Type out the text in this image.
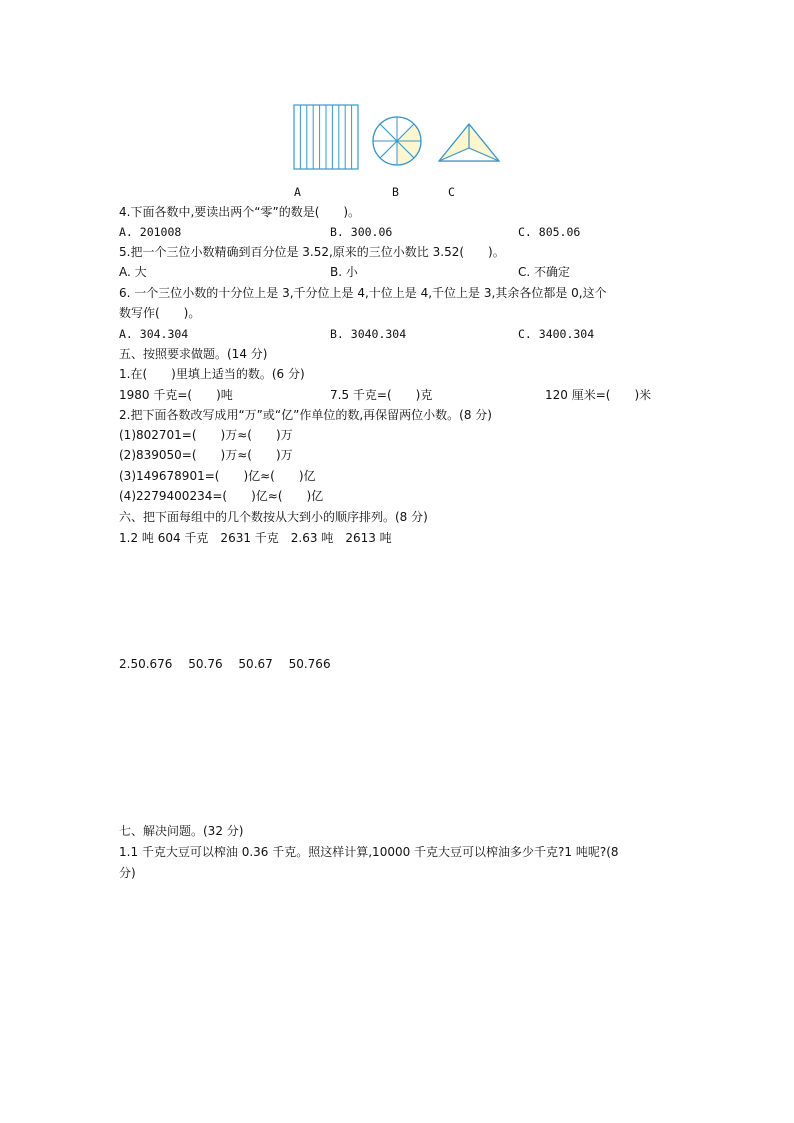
A	B	C
4.下面各数中,要读出两个“零”的数是(　　)。
A. 201008	B. 300.06	C. 805.06
5.把一个三位小数精确到百分位是 3.52,原来的三位小数比 3.52(　　)。
A. 大	B. 小	C. 不确定
6. 一个三位小数的十分位上是 3,千分位上是 4,十位上是 4,千位上是 3,其余各位都是 0,这个
数写作(　　)。
A. 304.304	B. 3040.304	C. 3400.304
五、按照要求做题。(14 分)
1.在(　　)里填上适当的数。(6 分)
1980 千克=(　　)吨	7.5 千克=(　　)克	120 厘米=(　　)米
2.把下面各数改写成用“万”或“亿”作单位的数,再保留两位小数。(8 分)
(1)802701=(　　)万≈(　　)万
(2)839050=(　　)万≈(　　)万
(3)149678901=(　　)亿≈(　　)亿
(4)2279400234=(　　)亿≈(　　)亿
六、把下面每组中的几个数按从大到小的顺序排列。(8 分)
1.2 吨 604 千克　2631 千克　2.63 吨　2613 吨
2.50.676　 50.76　 50.67　 50.766
七、解决问题。(32 分)
1.1 千克大豆可以榨油 0.36 千克。照这样计算,10000 千克大豆可以榨油多少千克?1 吨呢?(8
分)
